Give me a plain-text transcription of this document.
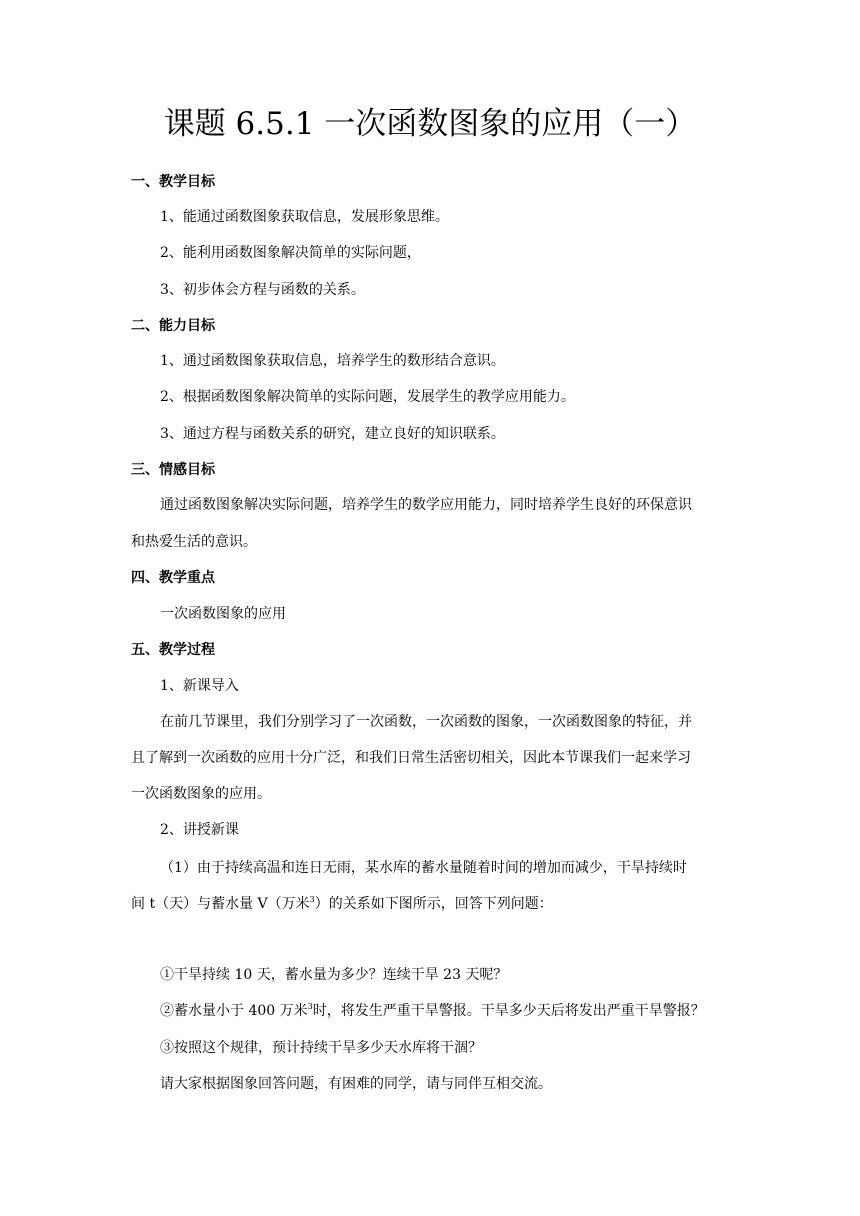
课题 6.5.1 一次函数图象的应用（一）
一、教学目标
1、能通过函数图象获取信息，发展形象思维。
2、能利用函数图象解决简单的实际问题，
3、初步体会方程与函数的关系。
二、能力目标
1、通过函数图象获取信息，培养学生的数形结合意识。
2、根据函数图象解决简单的实际问题，发展学生的教学应用能力。
3、通过方程与函数关系的研究，建立良好的知识联系。
三、情感目标
通过函数图象解决实际问题，培养学生的数学应用能力，同时培养学生良好的环保意识
和热爱生活的意识。
四、教学重点
一次函数图象的应用
五、教学过程
1、新课导入
在前几节课里，我们分别学习了一次函数，一次函数的图象，一次函数图象的特征，并
且了解到一次函数的应用十分广泛，和我们日常生活密切相关，因此本节课我们一起来学习
一次函数图象的应用。
2、讲授新课
（1）由于持续高温和连日无雨，某水库的蓄水量随着时间的增加而减少，干旱持续时
间 t（天）与蓄水量 V（万米$^3$）的关系如下图所示，回答下列问题：
①干旱持续 10 天，蓄水量为多少？连续干旱 23 天呢？
②蓄水量小于 400 万米$^3$时，将发生严重干旱警报。干旱多少天后将发出严重干旱警报？
③按照这个规律，预计持续干旱多少天水库将干涸？
请大家根据图象回答问题，有困难的同学，请与同伴互相交流。
